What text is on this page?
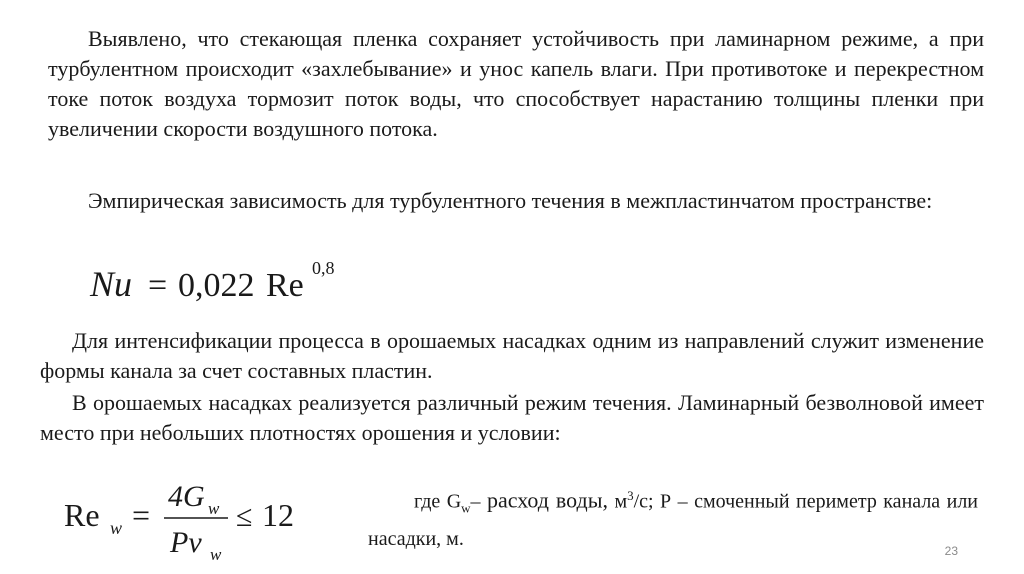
Выявлено, что стекающая пленка сохраняет устойчивость при ламинарном режиме, а при турбулентном происходит «захлебывание» и унос капель влаги. При противотоке и перекрестном токе поток воздуха тормозит поток воды, что способствует нарастанию толщины пленки при увеличении скорости воздушного потока.
Эмпирическая зависимость для турбулентного течения в межпластинчатом пространстве:
Nu = 0,022 Re 0,8
Для интенсификации процесса в орошаемых насадках одним из направлений служит изменение формы канала за счет составных пластин.
В орошаемых насадках реализуется различный режим течения. Ламинарный безволновой имеет место при небольших плотностях орошения и условии:
Re w =
4G w
Pν w
≤ 12	где $G_w-$ расход воды, $м^3/с$; Р – смоченный периметр канала или насадки, м.
23
